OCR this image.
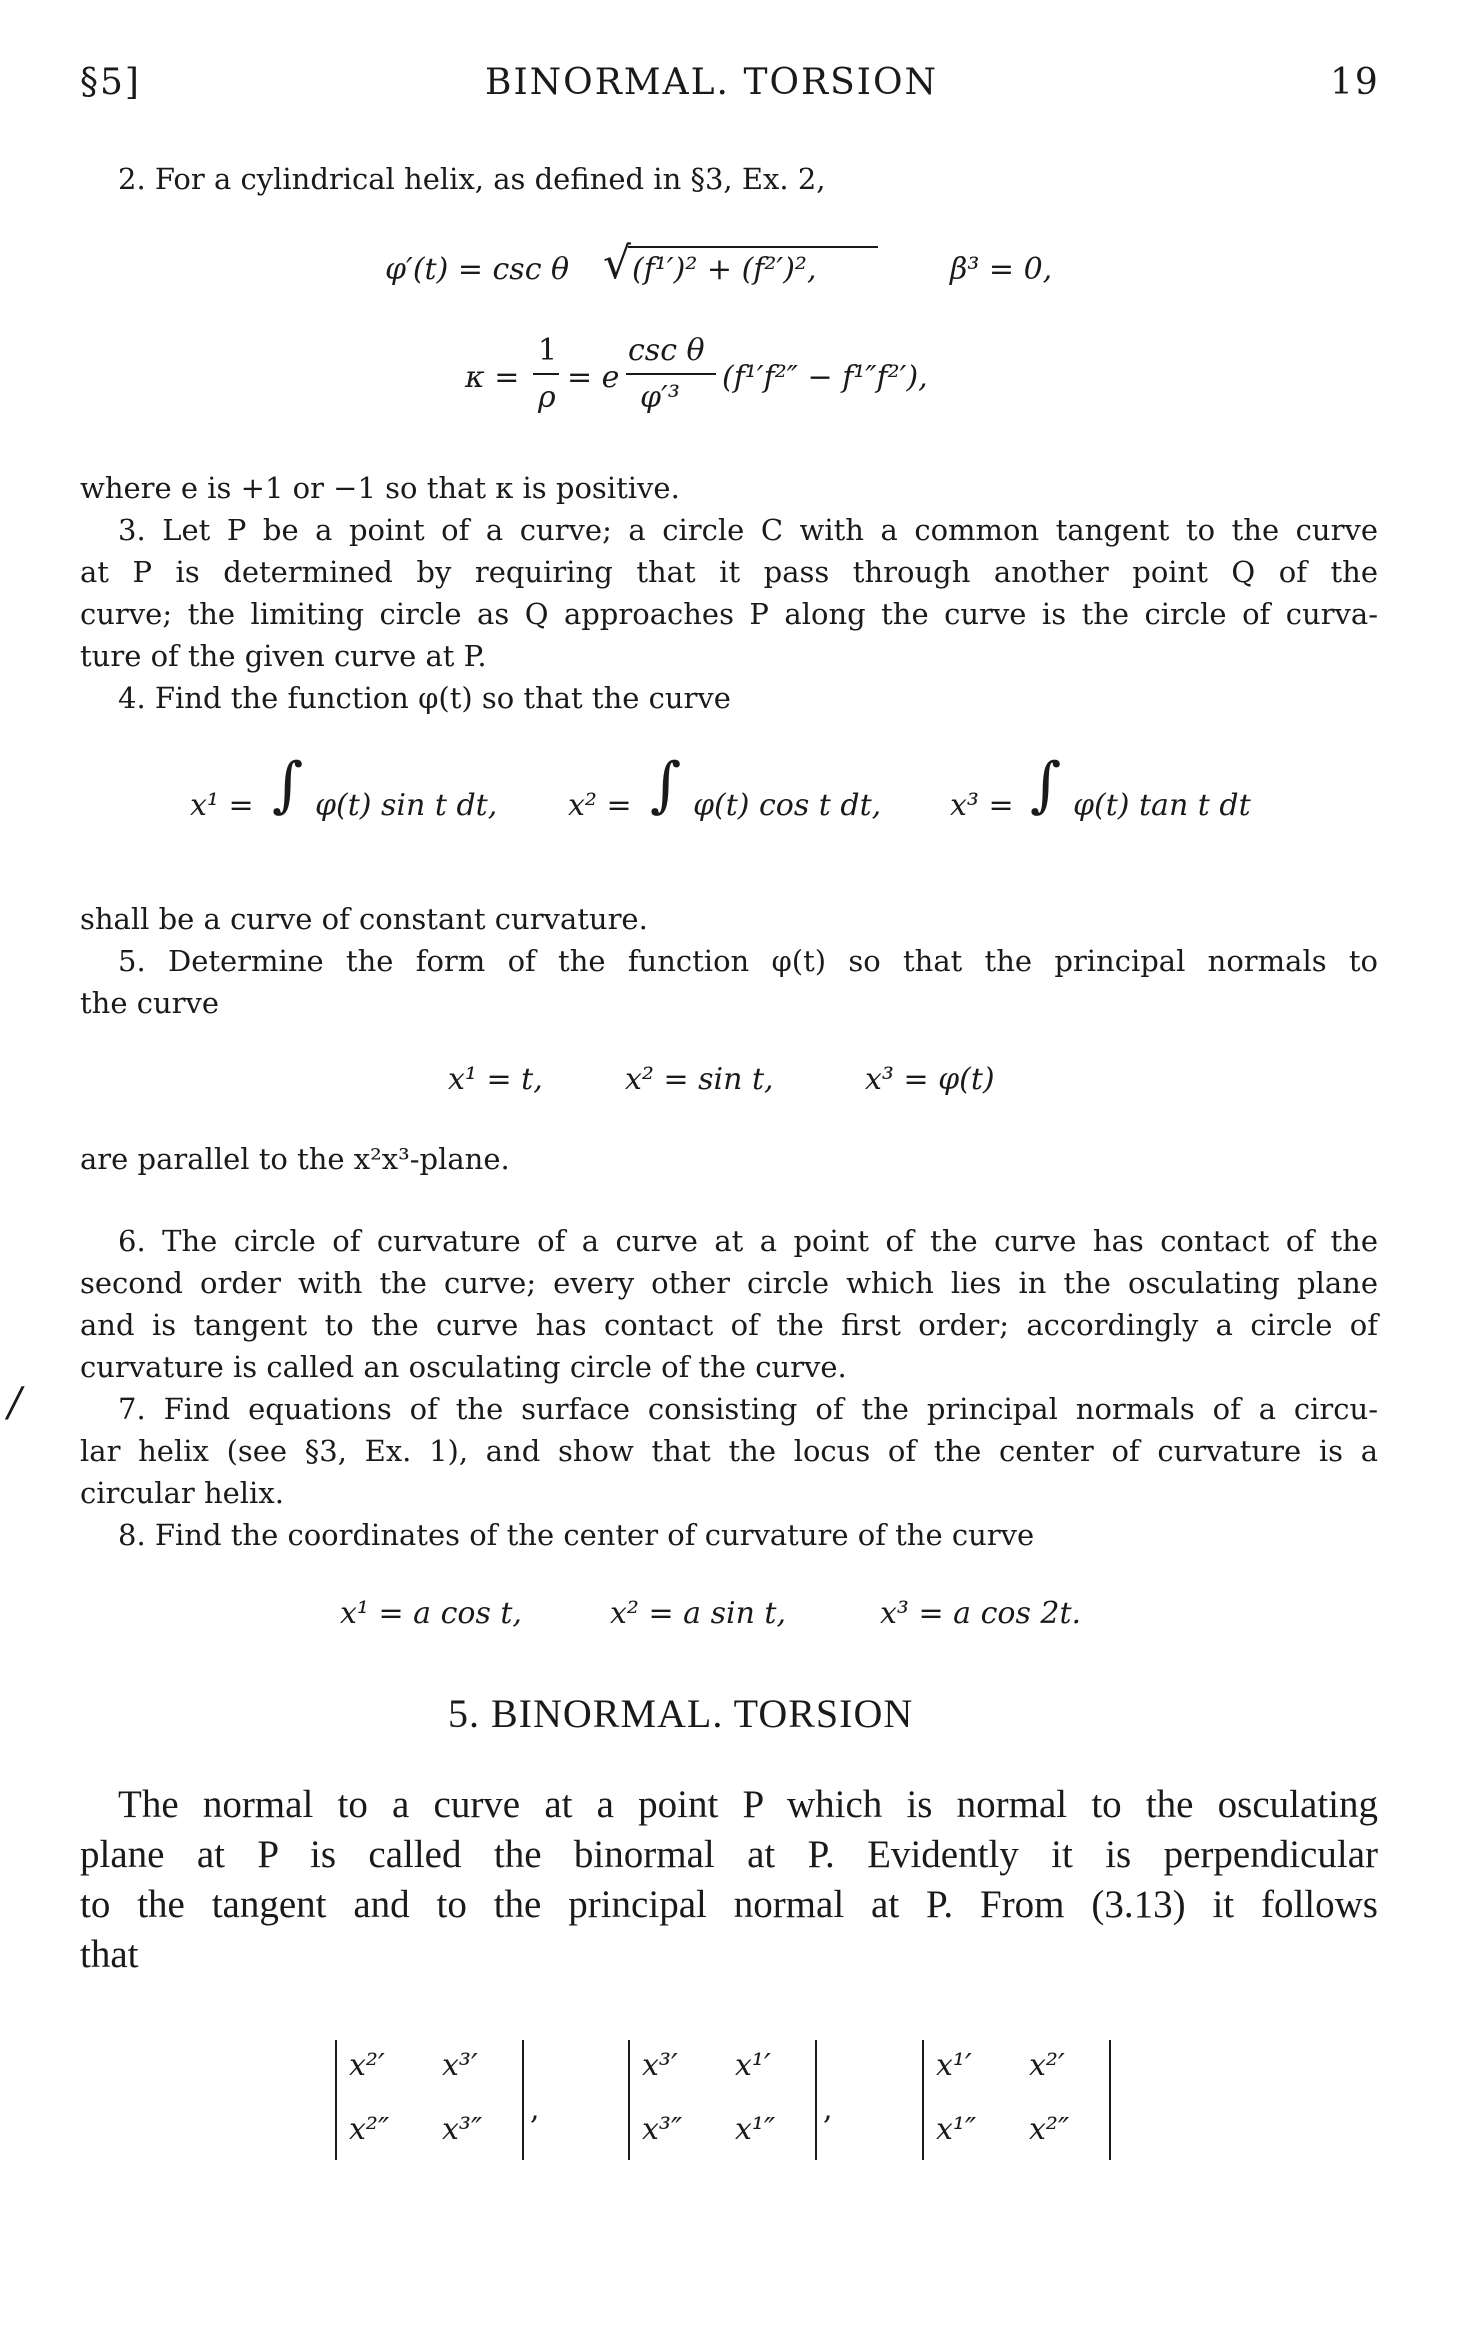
§5]	BINORMAL. TORSION	19
2. For a cylindrical helix, as defined in §3, Ex. 2,
φ′(t) = csc θ √ (f¹′)² + (f²′)²,	β³ = 0,
κ =
1
ρ
= e
csc θ
φ′³
(f¹′f²″ − f¹″f²′),
where e is +1 or −1 so that κ is positive.
3. Let P be a point of a curve; a circle C with a common tangent to the curve
at P is determined by requiring that it pass through another point Q of the
curve; the limiting circle as Q approaches P along the curve is the circle of curva-
ture of the given curve at P.
4. Find the function φ(t) so that the curve
x¹ = ∫ φ(t) sin t dt, x² = ∫ φ(t) cos t dt, x³ = ∫ φ(t) tan t dt
shall be a curve of constant curvature.
5. Determine the form of the function φ(t) so that the principal normals to
the curve
x¹ = t,	x² = sin t,	x³ = φ(t)
are parallel to the x²x³-plane.
6. The circle of curvature of a curve at a point of the curve has contact of the
second order with the curve; every other circle which lies in the osculating plane
and is tangent to the curve has contact of the first order; accordingly a circle of
curvature is called an osculating circle of the curve.
/	7. Find equations of the surface consisting of the principal normals of a circu-
lar helix (see §3, Ex. 1), and show that the locus of the center of curvature is a
circular helix.
8. Find the coordinates of the center of curvature of the curve
x¹ = a cos t,	x² = a sin t,	x³ = a cos 2t.
5. BINORMAL. TORSION
The normal to a curve at a point P which is normal to the osculating
plane at P is called the binormal at P. Evidently it is perpendicular
to the tangent and to the principal normal at P. From (3.13) it follows
that
x²′ x³′
x²″ x³″
,
x³′ x¹′
x³″ x¹″
,
x¹′ x²′
x¹″ x²″
